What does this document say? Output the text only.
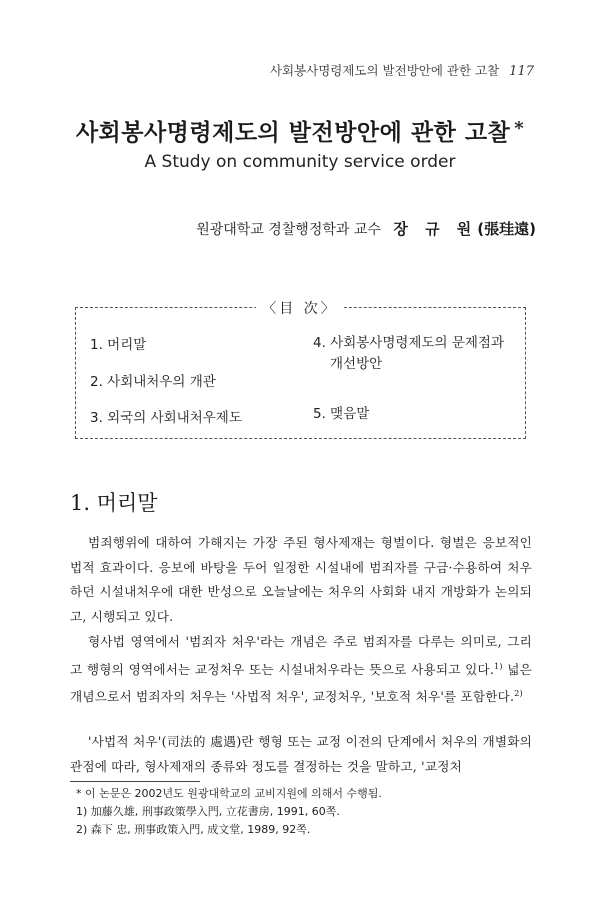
사회봉사명령제도의 발전방안에 관한 고찰 117
사회봉사명령제도의 발전방안에 관한 고찰 *
A Study on community service order
원광대학교 경찰행정학과 교수 장 규 원(張珪遠)
〈目 次〉
1. 머리말
2. 사회내처우의 개관
3. 외국의 사회내처우제도
4. 사회봉사명령제도의 문제점과
개선방안
5. 맺음말
1. 머리말

범죄행위에 대하여 가해지는 가장 주된 형사제재는 형벌이다. 형벌은 응보적인 법적 효과이다. 응보에 바탕을 두어 일정한 시설내에 범죄자를 구금·수용하여 처우하던 시설내처우에 대한 반성으로 오늘날에는 처우의 사회화 내지 개방화가 논의되고, 시행되고 있다.

형사법 영역에서 '범죄자 처우'라는 개념은 주로 범죄자를 다루는 의미로, 그리고 행형의 영역에서는 교정처우 또는 시설내처우라는 뜻으로 사용되고 있다.$^{1)}$ 넓은 개념으로서 범죄자의 처우는 '사법적 처우', 교정처우, '보호적 처우'를 포함한다.$^{2)}$

'사법적 처우'(司法的 處遇)란 행형 또는 교정 이전의 단계에서 처우의 개별화의 관점에 따라, 형사제재의 종류와 정도를 결정하는 것을 말하고, '교정처

* 이 논문은 2002년도 원광대학교의 교비지원에 의해서 수행됨.
1) 加藤久雄, 刑事政策學入門, 立花書房, 1991, 60쪽.
2) 森下 忠, 刑事政策入門, 成文堂, 1989, 92쪽.
